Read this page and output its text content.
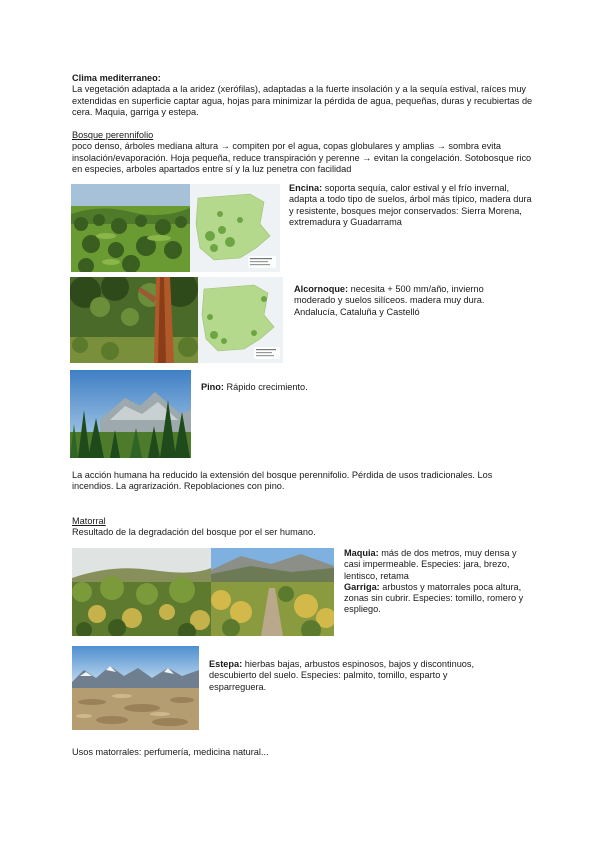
Clima mediterraneo:
La vegetación adaptada a la aridez (xerófilas), adaptadas a la fuerte insolación y a la sequía estival, raíces muy extendidas en superficie captar agua, hojas para minimizar la pérdida de agua, pequeñas, duras y recubiertas de cera. Maquia, garriga y estepa.
Bosque perennifolio
poco denso, árboles mediana altura → compiten por el agua, copas globulares y amplias → sombra evita insolación/evaporación. Hoja pequeña, reduce transpiración y perenne → evitan la congelación. Sotobosque rico en especies, arboles apartados entre sí y la luz penetra con facilidad
Encina: soporta sequía, calor estival y el frío invernal, adapta a todo tipo de suelos, árbol más típico, madera dura y resistente, bosques mejor conservados: Sierra Morena, extremadura y Guadarrama
Alcornoque: necesita + 500 mm/año, invierno moderado y suelos silíceos. madera muy dura. Andalucía, Cataluña y Castelló
Pino: Rápido crecimiento.
La acción humana ha reducido la extensión del bosque perennifolio. Pérdida de usos tradicionales. Los incendios. La agrarización. Repoblaciones con pino.
Matorral
Resultado de la degradación del bosque por el ser humano.
Maquia: más de dos metros, muy densa y casi impermeable. Especies: jara, brezo, lentisco, retama
Garriga: arbustos y matorrales poca altura, zonas sin cubrir. Especies: tomillo, romero y espliego.
Estepa: hierbas bajas, arbustos espinosos, bajos y discontinuos, descubierto del suelo. Especies: palmito, tomillo, esparto y esparreguera.
Usos matorrales: perfumería, medicina natural...
